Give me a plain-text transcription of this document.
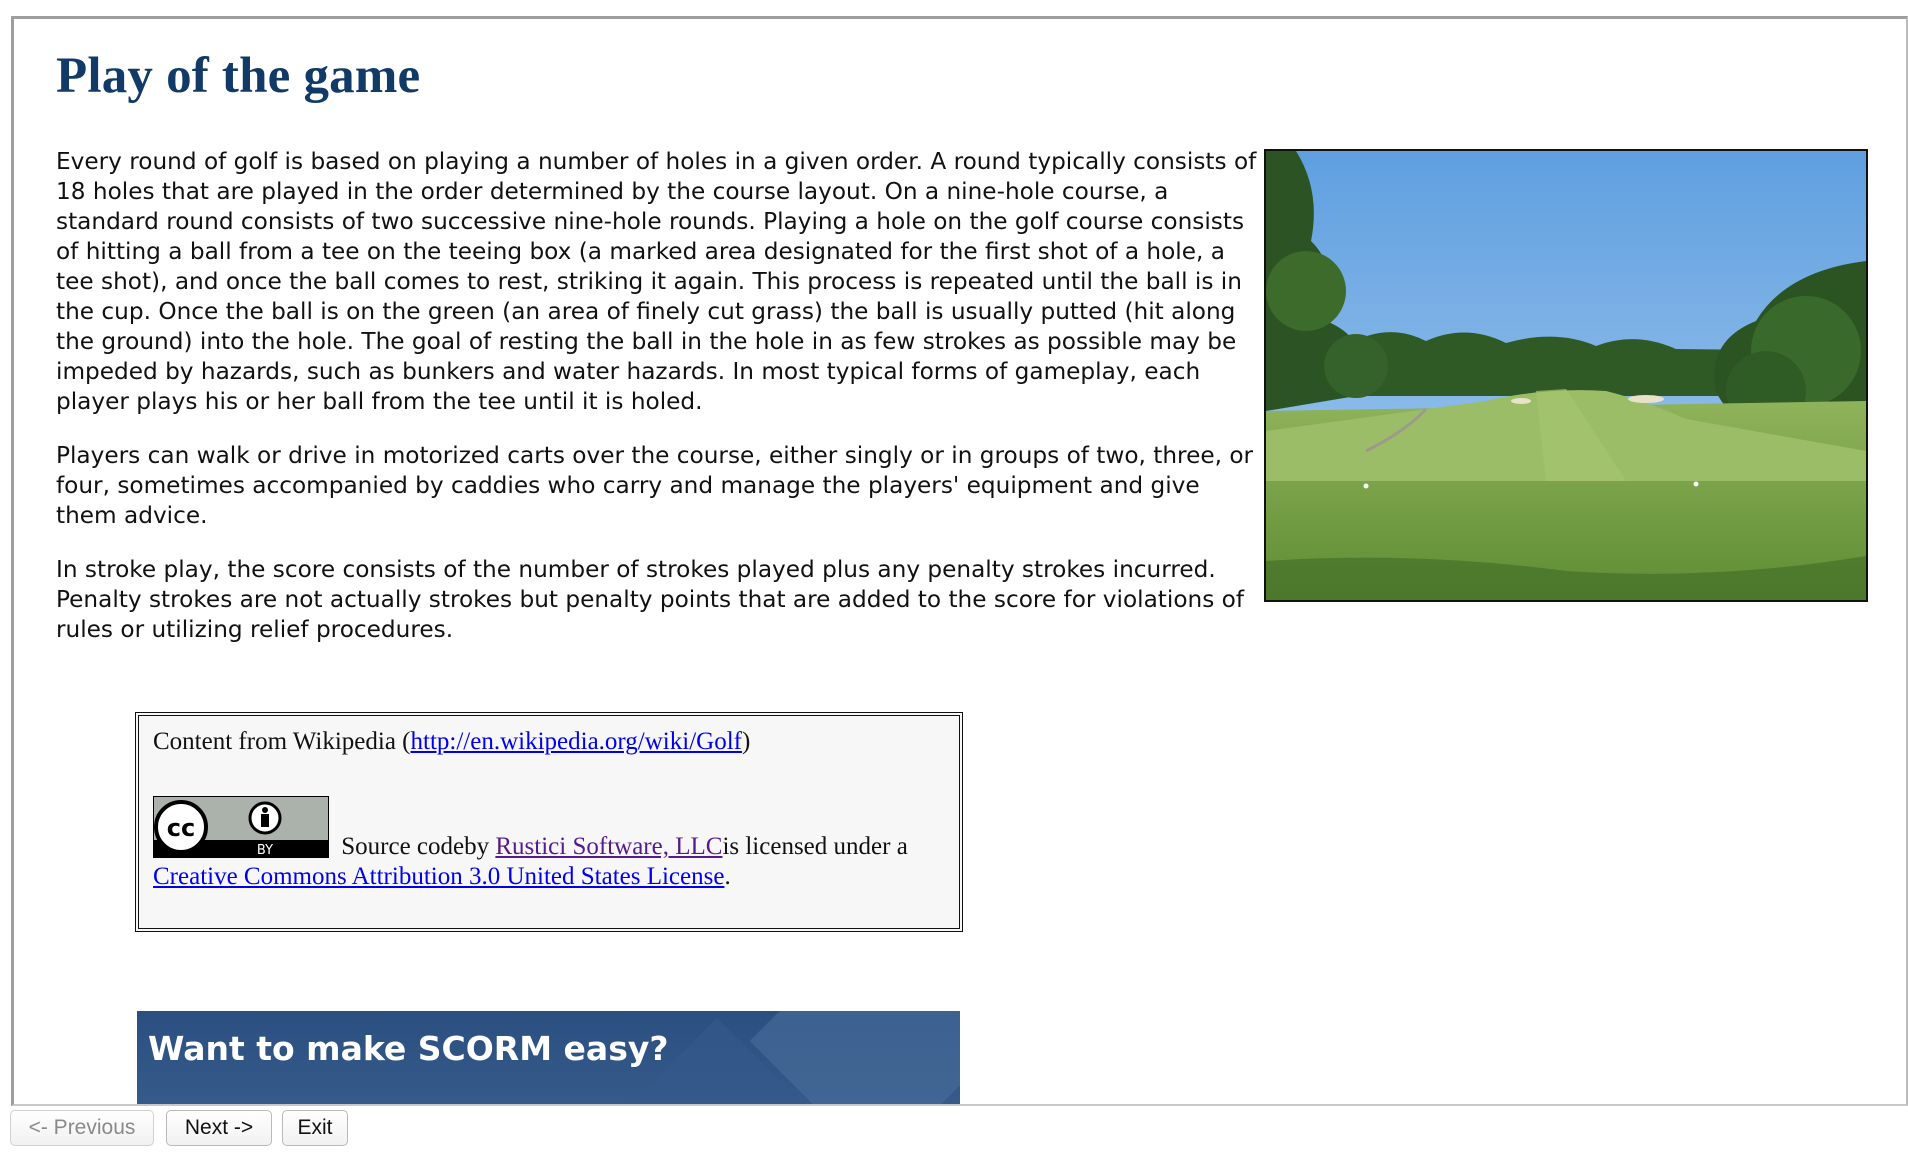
Play of the game

Every round of golf is based on playing a number of holes in a given order. A round typically consists of 18 holes that are played in the order determined by the course layout. On a nine-hole course, a standard round consists of two successive nine-hole rounds. Playing a hole on the golf course consists of hitting a ball from a tee on the teeing box (a marked area designated for the first shot of a hole, a tee shot), and once the ball comes to rest, striking it again. This process is repeated until the ball is in the cup. Once the ball is on the green (an area of finely cut grass) the ball is usually putted (hit along the ground) into the hole. The goal of resting the ball in the hole in as few strokes as possible may be impeded by hazards, such as bunkers and water hazards. In most typical forms of gameplay, each player plays his or her ball from the tee until it is holed.

Players can walk or drive in motorized carts over the course, either singly or in groups of two, three, or four, sometimes accompanied by caddies who carry and manage the players' equipment and give them advice.

In stroke play, the score consists of the number of strokes played plus any penalty strokes incurred. Penalty strokes are not actually strokes but penalty points that are added to the score for violations of rules or utilizing relief procedures.

Content from Wikipedia (http://en.wikipedia.org/wiki/Golf)

cc
BY Source codeby Rustici Software, LLCis licensed under a Creative Commons Attribution 3.0 United States License.
Want to make SCORM easy?
<- Previous	Next ->	Exit
